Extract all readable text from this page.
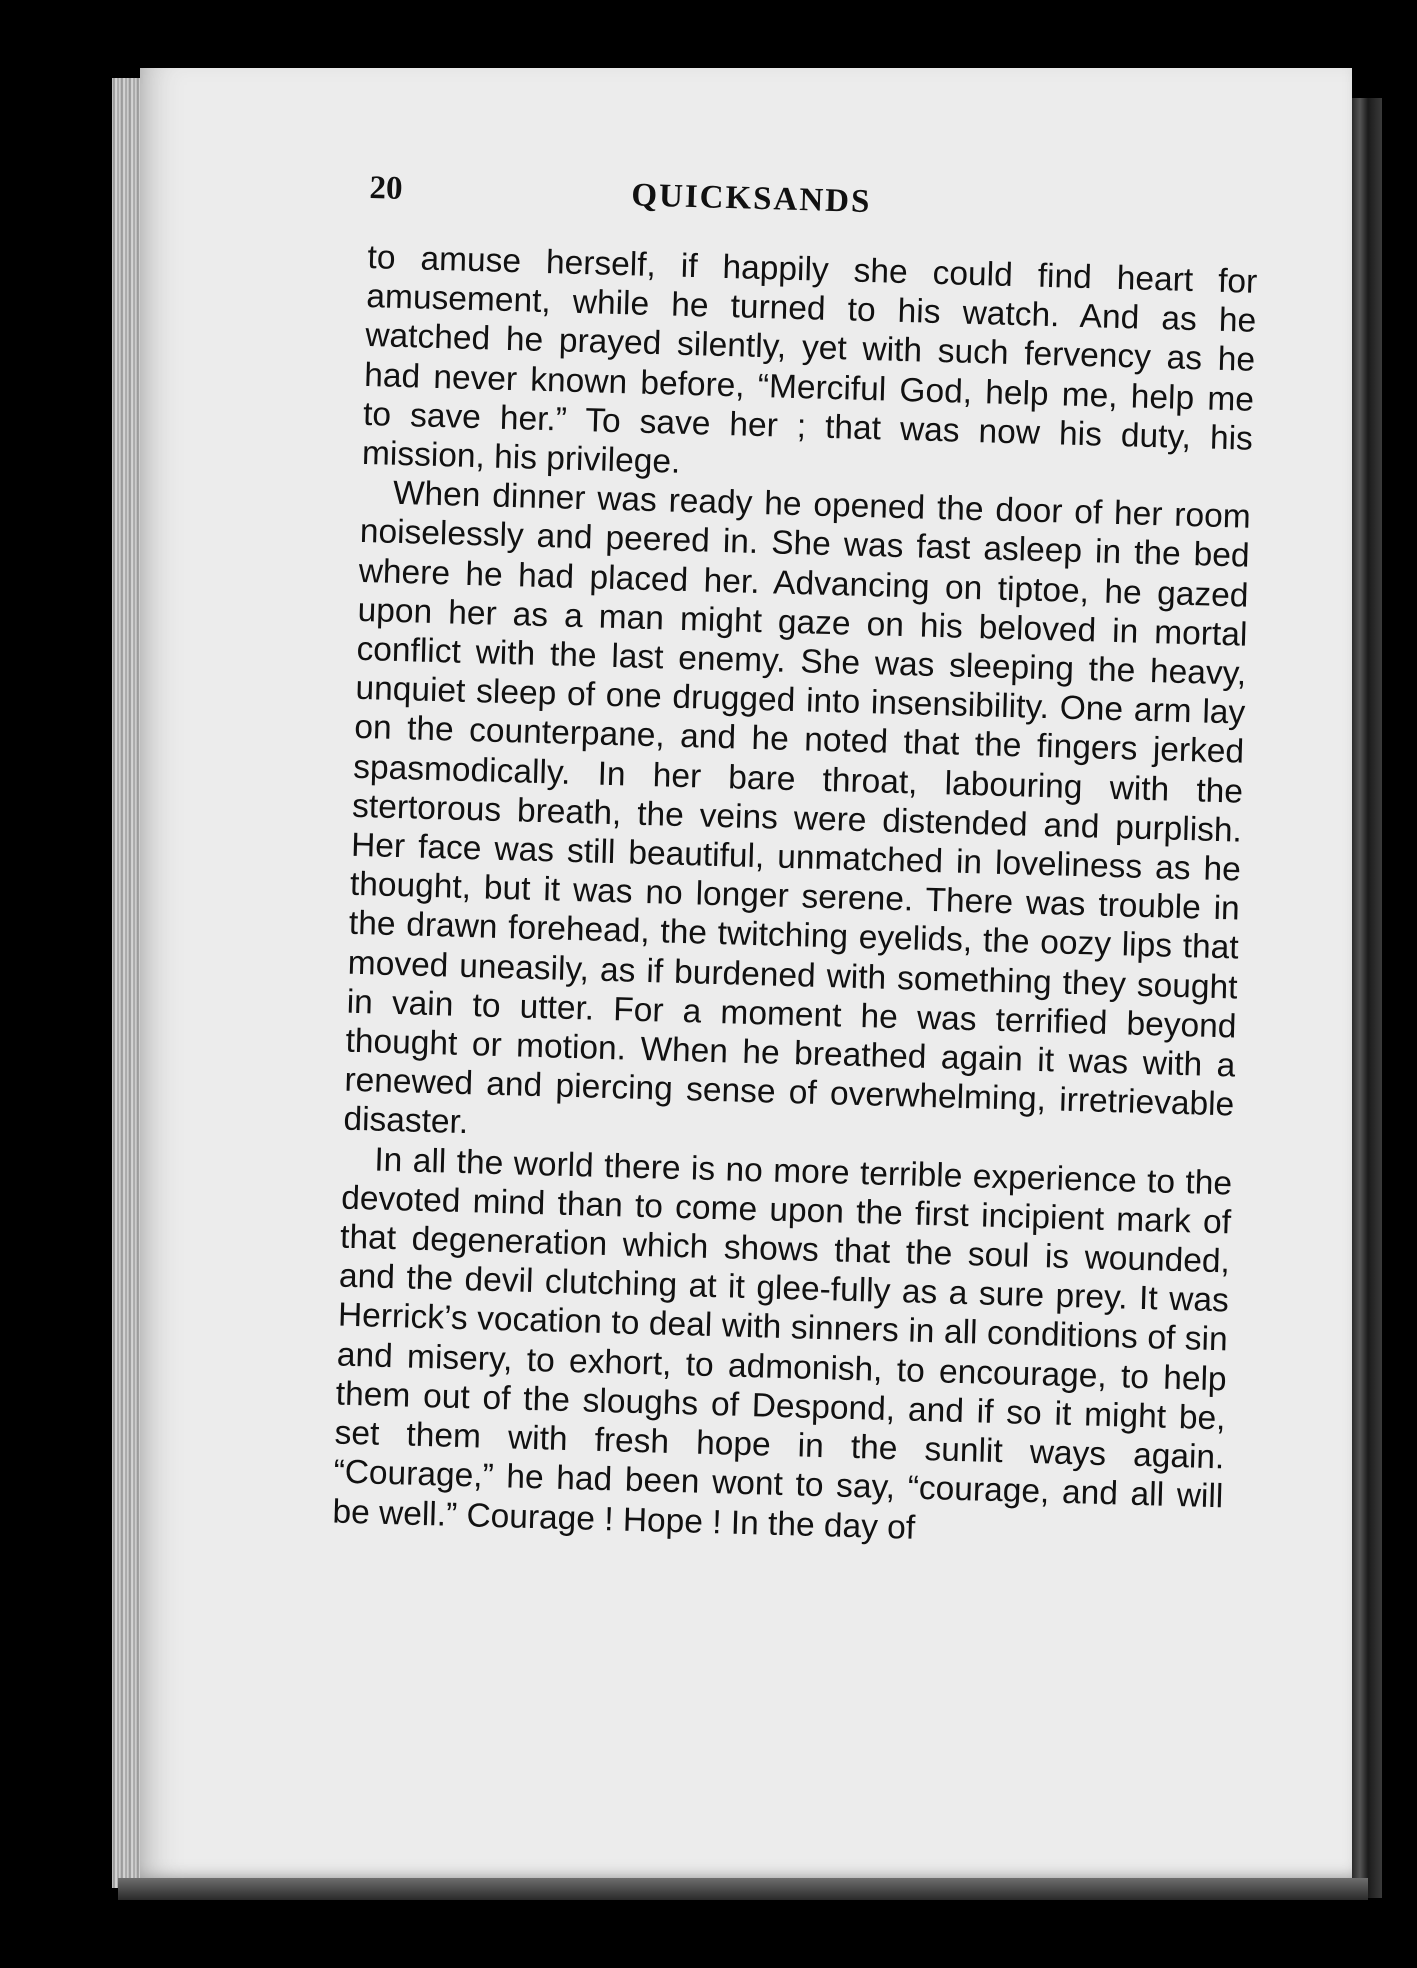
20	QUICKSANDS

to amuse herself, if happily she could find heart for amusement, while he turned to his watch. And as he watched he prayed silently, yet with such fervency as he had never known before, “Merciful God, help me, help me to save her.” To save her ; that was now his duty, his mission, his privilege.

When dinner was ready he opened the door of her room noiselessly and peered in. She was fast asleep in the bed where he had placed her. Advancing on tiptoe, he gazed upon her as a man might gaze on his beloved in mortal conflict with the last enemy. She was sleeping the heavy, unquiet sleep of one drugged into insensibility. One arm lay on the counterpane, and he noted that the fingers jerked spasmodically. In her bare throat, labouring with the stertorous breath, the veins were distended and purplish. Her face was still beautiful, unmatched in loveliness as he thought, but it was no longer serene. There was trouble in the drawn forehead, the twitching eyelids, the oozy lips that moved uneasily, as if burdened with something they sought in vain to utter. For a moment he was terrified beyond thought or motion. When he breathed again it was with a renewed and piercing sense of overwhelming, irretrievable disaster.

In all the world there is no more terrible experience to the devoted mind than to come upon the first incipient mark of that degeneration which shows that the soul is wounded, and the devil clutching at it glee-fully as a sure prey. It was Herrick’s vocation to deal with sinners in all conditions of sin and misery, to exhort, to admonish, to encourage, to help them out of the sloughs of Despond, and if so it might be, set them with fresh hope in the sunlit ways again. “Courage,” he had been wont to say, “courage, and all will be well.” Courage ! Hope ! In the day of
